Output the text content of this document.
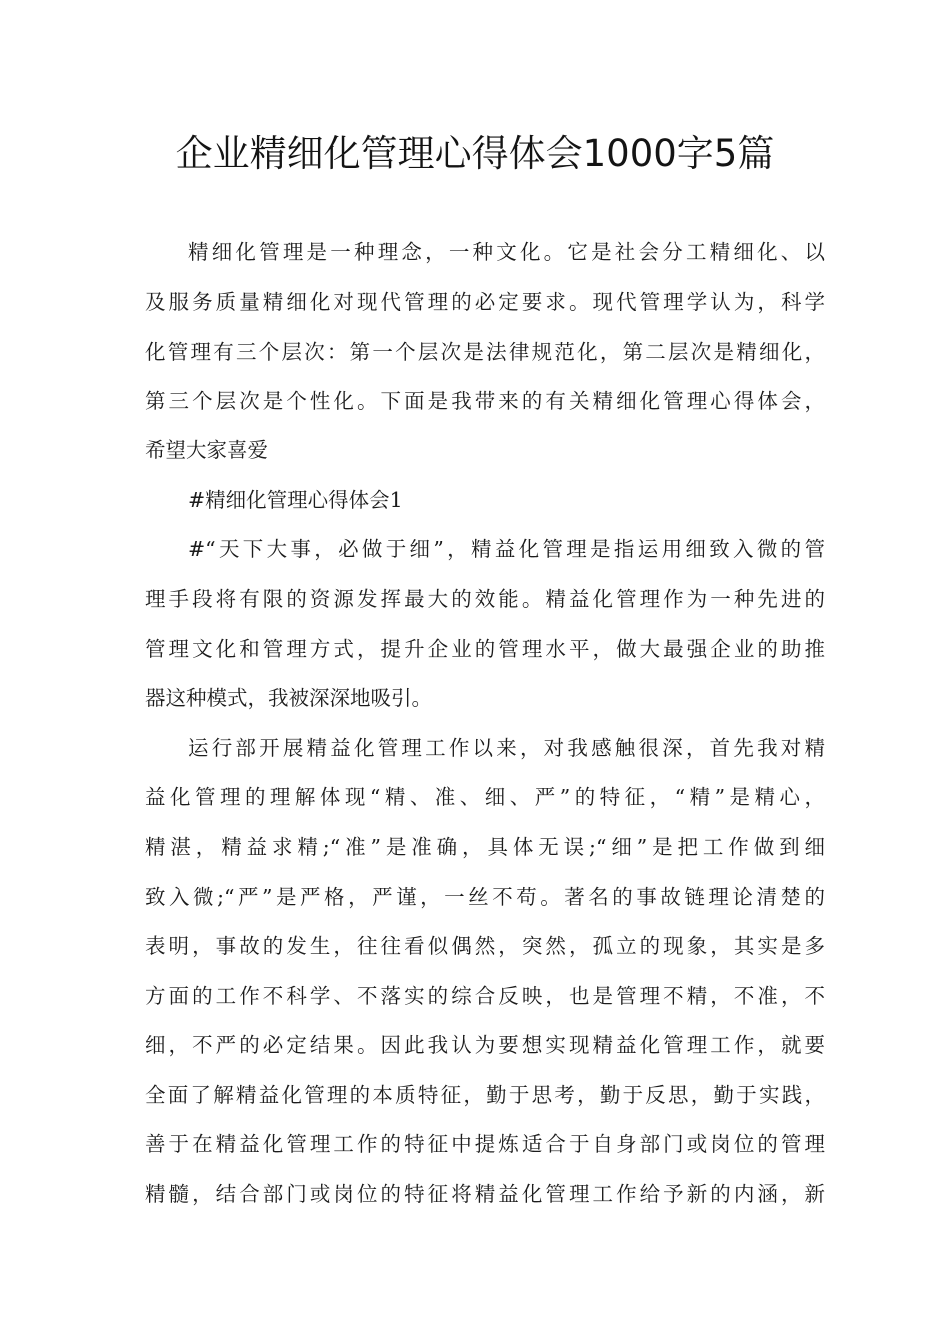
企业精细化管理心得体会1000字5篇

精细化管理是一种理念，一种文化。它是社会分工精细化、以

及服务质量精细化对现代管理的必定要求。现代管理学认为，科学

化管理有三个层次：第一个层次是法律规范化，第二层次是精细化，

第三个层次是个性化。下面是我带来的有关精细化管理心得体会，

希望大家喜爱

#精细化管理心得体会1

#“天下大事，必做于细”，精益化管理是指运用细致入微的管

理手段将有限的资源发挥最大的效能。精益化管理作为一种先进的

管理文化和管理方式，提升企业的管理水平，做大最强企业的助推

器这种模式，我被深深地吸引。

运行部开展精益化管理工作以来，对我感触很深，首先我对精

益化管理的理解体现“精、准、细、严”的特征，“精”是精心，

精湛，精益求精;“准”是准确，具体无误;“细”是把工作做到细

致入微;“严”是严格，严谨，一丝不苟。著名的事故链理论清楚的

表明，事故的发生，往往看似偶然，突然，孤立的现象，其实是多

方面的工作不科学、不落实的综合反映，也是管理不精，不准，不

细，不严的必定结果。因此我认为要想实现精益化管理工作，就要

全面了解精益化管理的本质特征，勤于思考，勤于反思，勤于实践，

善于在精益化管理工作的特征中提炼适合于自身部门或岗位的管理

精髓，结合部门或岗位的特征将精益化管理工作给予新的内涵，新
